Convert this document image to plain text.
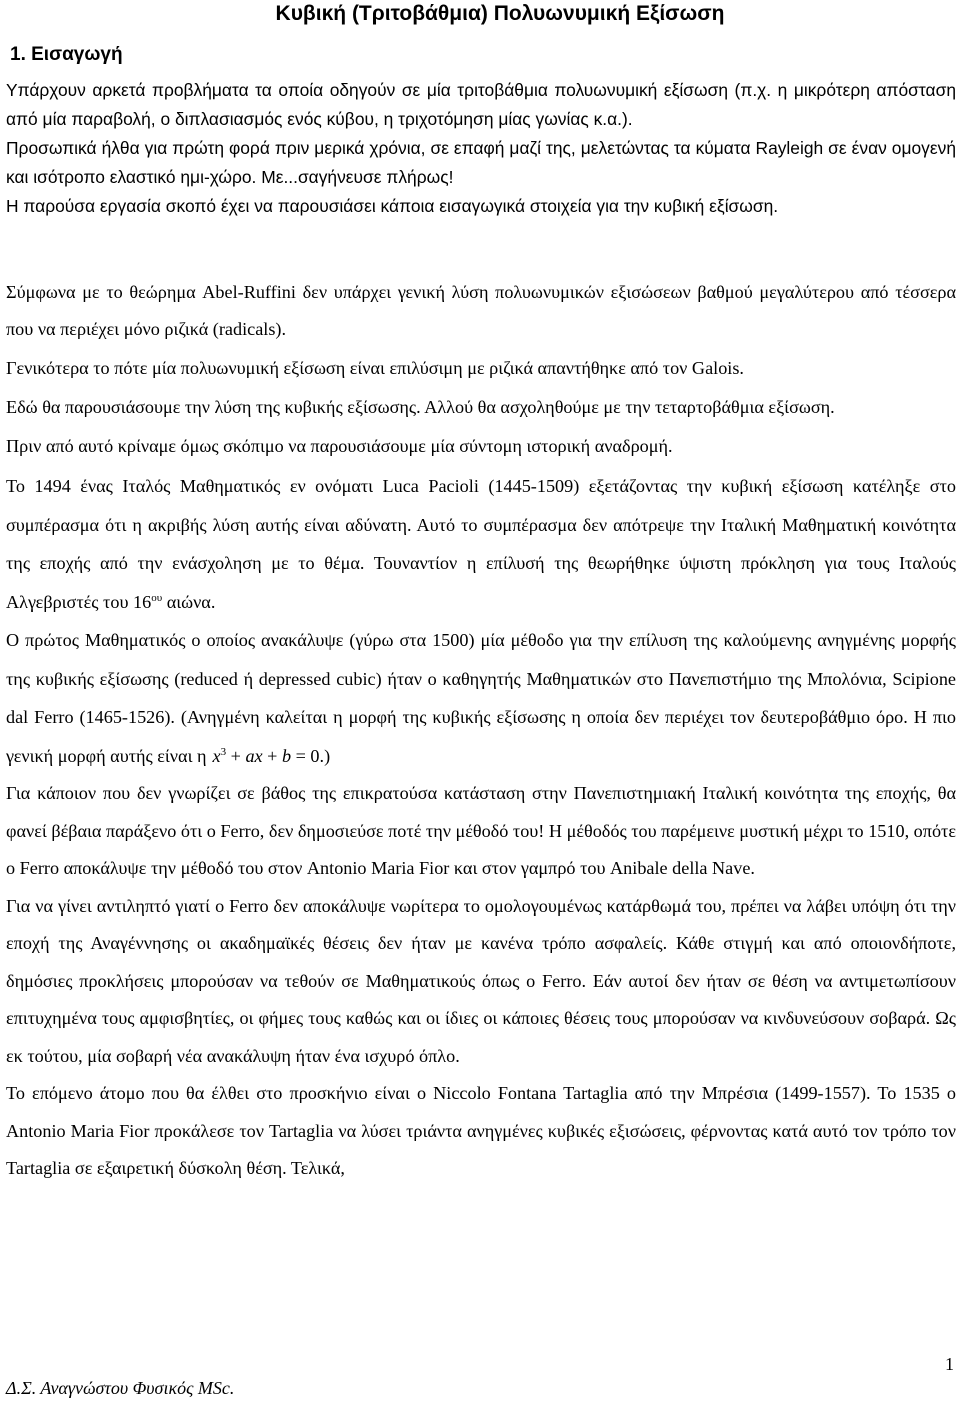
Κυβική (Τριτοβάθμια) Πολυωνυμική Εξίσωση
1. Εισαγωγή

Υπάρχουν αρκετά προβλήματα τα οποία οδηγούν σε μία τριτοβάθμια πολυωνυμική εξίσωση (π.χ. η μικρότερη απόσταση από μία παραβολή, ο διπλασιασμός ενός κύβου, η τριχοτόμηση μίας γωνίας κ.α.).

Προσωπικά ήλθα για πρώτη φορά πριν μερικά χρόνια, σε επαφή μαζί της, μελετώντας τα κύματα Rayleigh σε έναν ομογενή και ισότροπο ελαστικό ημι-χώρο. Με...σαγήνευσε πλήρως!

Η παρούσα εργασία σκοπό έχει να παρουσιάσει κάποια εισαγωγικά στοιχεία για την κυβική εξίσωση.

Σύμφωνα με το θεώρημα Abel-Ruffini δεν υπάρχει γενική λύση πολυωνυμικών εξισώσεων βαθμού μεγαλύτερου από τέσσερα που να περιέχει μόνο ριζικά (radicals).

Γενικότερα το πότε μία πολυωνυμική εξίσωση είναι επιλύσιμη με ριζικά απαντήθηκε από τον Galois.

Εδώ θα παρουσιάσουμε την λύση της κυβικής εξίσωσης. Αλλού θα ασχοληθούμε με την τεταρτοβάθμια εξίσωση.

Πριν από αυτό κρίναμε όμως σκόπιμο να παρουσιάσουμε μία σύντομη ιστορική αναδρομή.

Το 1494 ένας Ιταλός Μαθηματικός εν ονόματι Luca Pacioli (1445-1509) εξετάζοντας την κυβική εξίσωση κατέληξε στο συμπέρασμα ότι η ακριβής λύση αυτής είναι αδύνατη. Αυτό το συμπέρασμα δεν απότρεψε την Ιταλική Μαθηματική κοινότητα της εποχής από την ενάσχοληση με το θέμα. Τουναντίον η επίλυσή της θεωρήθηκε ύψιστη πρόκληση για τους Ιταλούς Αλγεβριστές του $16^{o\upsilon}$ αιώνα.

Ο πρώτος Μαθηματικός ο οποίος ανακάλυψε (γύρω στα 1500) μία μέθοδο για την επίλυση της καλούμενης ανηγμένης μορφής της κυβικής εξίσωσης (reduced ή depressed cubic) ήταν ο καθηγητής Μαθηματικών στο Πανεπιστήμιο της Μπολόνια, Scipione dal Ferro (1465-1526). (Ανηγμένη καλείται η μορφή της κυβικής εξίσωσης η οποία δεν περιέχει τον δευτεροβάθμιο όρο. Η πιο γενική μορφή αυτής είναι η $x^3$ + ax + b = 0.)

Για κάποιον που δεν γνωρίζει σε βάθος της επικρατούσα κατάσταση στην Πανεπιστημιακή Ιταλική κοινότητα της εποχής, θα φανεί βέβαια παράξενο ότι ο Ferro, δεν δημοσιεύσε ποτέ την μέθοδό του! Η μέθοδός του παρέμεινε μυστική μέχρι το 1510, οπότε ο Ferro αποκάλυψε την μέθοδό του στον Antonio Maria Fior και στον γαμπρό του Anibale della Nave.

Για να γίνει αντιληπτό γιατί ο Ferro δεν αποκάλυψε νωρίτερα το ομολογουμένως κατάρθωμά του, πρέπει να λάβει υπόψη ότι την εποχή της Αναγέννησης οι ακαδημαϊκές θέσεις δεν ήταν με κανένα τρόπο ασφαλείς. Κάθε στιγμή και από οποιονδήποτε, δημόσιες προκλήσεις μπορούσαν να τεθούν σε Μαθηματικούς όπως ο Ferro. Εάν αυτοί δεν ήταν σε θέση να αντιμετωπίσουν επιτυχημένα τους αμφισβητίες, οι φήμες τους καθώς και οι ίδιες οι κάποιες θέσεις τους μπορούσαν να κινδυνεύσουν σοβαρά. Ως εκ τούτου, μία σοβαρή νέα ανακάλυψη ήταν ένα ισχυρό όπλο.

Το επόμενο άτομο που θα έλθει στο προσκήνιο είναι ο Niccolo Fontana Tartaglia από την Μπρέσια (1499-1557). Το 1535 ο Antonio Maria Fior προκάλεσε τον Tartaglia να λύσει τριάντα ανηγμένες κυβικές εξισώσεις, φέρνοντας κατά αυτό τον τρόπο τον Tartaglia σε εξαιρετική δύσκολη θέση. Τελικά,

1
Δ.Σ. Αναγνώστου Φυσικός MSc.
